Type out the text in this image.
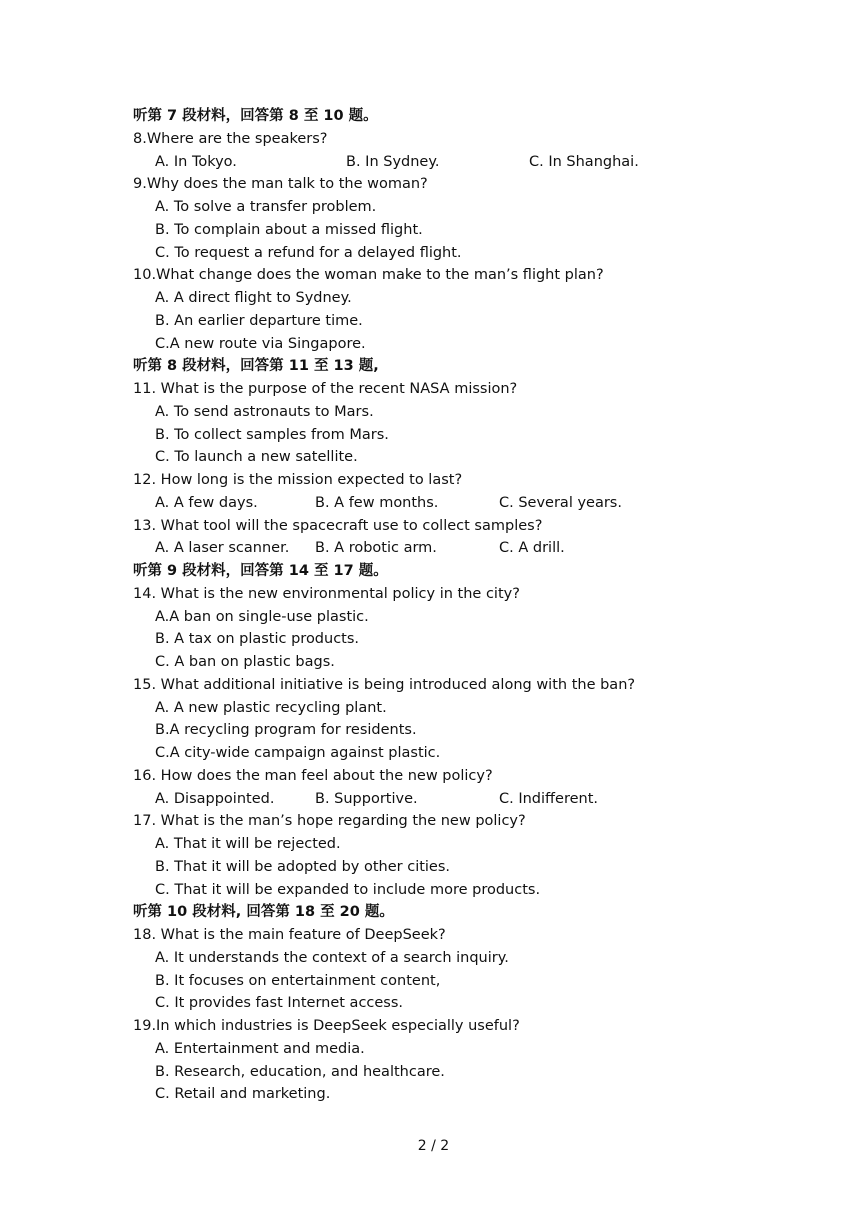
听第 7 段材料，回答第 8 至 10 题。
8.Where are the speakers?
A. In Tokyo.	B. In Sydney.	C. In Shanghai.
9.Why does the man talk to the woman?
A. To solve a transfer problem.
B. To complain about a missed flight.
C. To request a refund for a delayed flight.
10.What change does the woman make to the man’s flight plan?
A. A direct flight to Sydney.
B. An earlier departure time.
C.A new route via Singapore.
听第 8 段材料，回答第 11 至 13 题,
11. What is the purpose of the recent NASA mission?
A. To send astronauts to Mars.
B. To collect samples from Mars.
C. To launch a new satellite.
12. How long is the mission expected to last?
A. A few days.	B. A few months.	C. Several years.
13. What tool will the spacecraft use to collect samples?
A. A laser scanner. B. A robotic arm.	C. A drill.
听第 9 段材料，回答第 14 至 17 题。
14. What is the new environmental policy in the city?
A.A ban on single-use plastic.
B. A tax on plastic products.
C. A ban on plastic bags.
15. What additional initiative is being introduced along with the ban?
A. A new plastic recycling plant.
B.A recycling program for residents.
C.A city-wide campaign against plastic.
16. How does the man feel about the new policy?
A. Disappointed.	B. Supportive.	C. Indifferent.
17. What is the man’s hope regarding the new policy?
A. That it will be rejected.
B. That it will be adopted by other cities.
C. That it will be expanded to include more products.
听第 10 段材料, 回答第 18 至 20 题。
18. What is the main feature of DeepSeek?
A. It understands the context of a search inquiry.
B. It focuses on entertainment content,
C. It provides fast Internet access.
19.In which industries is DeepSeek especially useful?
A. Entertainment and media.
B. Research, education, and healthcare.
C. Retail and marketing.
2 / 2
